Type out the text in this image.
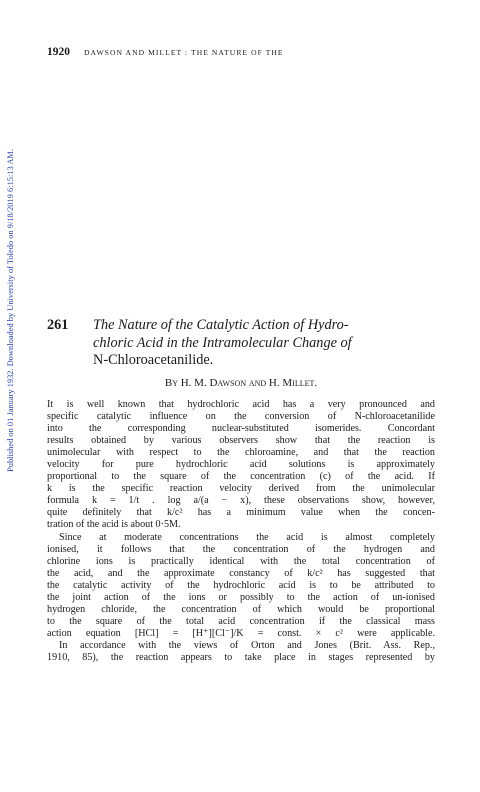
Published on 01 January 1932. Downloaded by University of Toledo on 9/18/2019 6:15:13 AM.
1920 DAWSON AND MILLET : THE NATURE OF THE
261 The Nature of the Catalytic Action of Hydro-
chloric Acid in the Intramolecular Change of
N-Chloroacetanilide.
By H. M. Dawson and H. Millet.
It is well known that hydrochloric acid has a very pronounced and
specific catalytic influence on the conversion of N-chloroacetanilide
into the corresponding nuclear-substituted isomerides. Concordant
results obtained by various observers show that the reaction is
unimolecular with respect to the chloroamine, and that the reaction
velocity for pure hydrochloric acid solutions is approximately
proportional to the square of the concentration (c) of the acid. If
k is the specific reaction velocity derived from the unimolecular
formula k = 1/t . log a/(a − x), these observations show, however,
quite definitely that k/c² has a minimum value when the concen-
tration of the acid is about 0·5M.
Since at moderate concentrations the acid is almost completely
ionised, it follows that the concentration of the hydrogen and
chlorine ions is practically identical with the total concentration of
the acid, and the approximate constancy of k/c² has suggested that
the catalytic activity of the hydrochloric acid is to be attributed to
the joint action of the ions or possibly to the action of un-ionised
hydrogen chloride, the concentration of which would be proportional
to the square of the total acid concentration if the classical mass
action equation [HCl] = [H⁺][Cl⁻]/K = const. × c² were applicable.
In accordance with the views of Orton and Jones (Brit. Ass. Rep.,
1910, 85), the reaction appears to take place in stages represented by
